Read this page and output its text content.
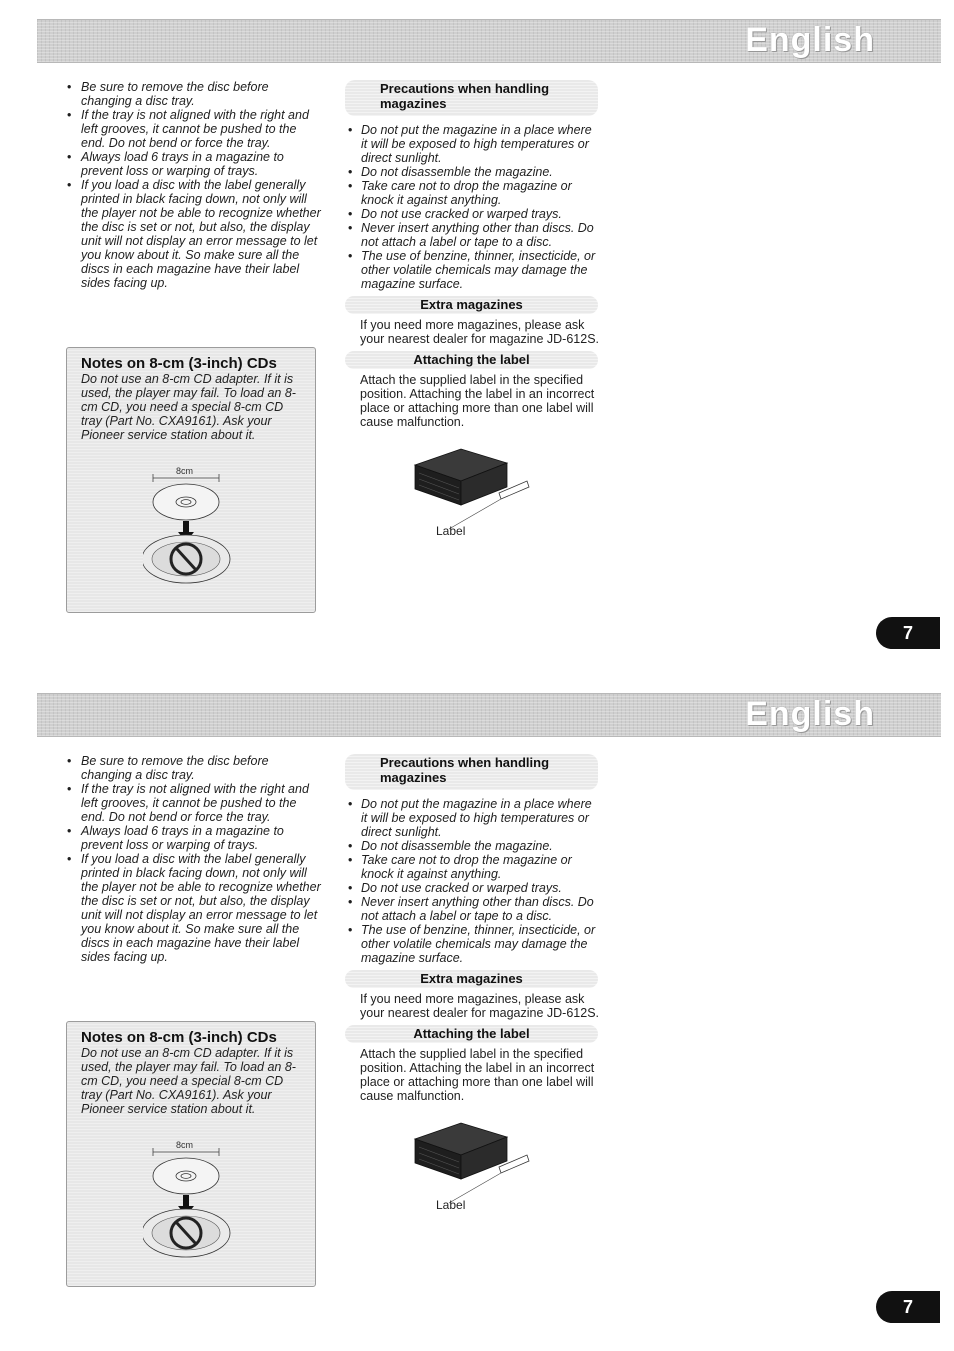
English
• Be sure to remove the disc before changing a disc tray.
• If the tray is not aligned with the right and left grooves, it cannot be pushed to the end. Do not bend or force the tray.
• Always load 6 trays in a magazine to prevent loss or warping of trays.
• If you load a disc with the label generally printed in black facing down, not only will the player not be able to recognize whether the disc is set or not, but also, the display unit will not display an error message to let you know about it. So make sure all the discs in each magazine have their label sides facing up.
Notes on 8-cm (3-inch) CDs
Do not use an 8-cm CD adapter. If it is used, the player may fail. To load an 8-cm CD, you need a special 8-cm CD tray (Part No. CXA9161). Ask your Pioneer service station about it.
8cm
Precautions when handling magazines
• Do not put the magazine in a place where it will be exposed to high temperatures or direct sunlight.
• Do not disassemble the magazine.
• Take care not to drop the magazine or knock it against anything.
• Do not use cracked or warped trays.
• Never insert anything other than discs. Do not attach a label or tape to a disc.
• The use of benzine, thinner, insecticide, or other volatile chemicals may damage the magazine surface.
Extra magazines
If you need more magazines, please ask your nearest dealer for magazine JD-612S.
Attaching the label
Attach the supplied label in the specified position. Attaching the label in an incorrect place or attaching more than one label will cause malfunction.
Label
7
English
• Be sure to remove the disc before changing a disc tray.
• If the tray is not aligned with the right and left grooves, it cannot be pushed to the end. Do not bend or force the tray.
• Always load 6 trays in a magazine to prevent loss or warping of trays.
• If you load a disc with the label generally printed in black facing down, not only will the player not be able to recognize whether the disc is set or not, but also, the display unit will not display an error message to let you know about it. So make sure all the discs in each magazine have their label sides facing up.
Notes on 8-cm (3-inch) CDs
Do not use an 8-cm CD adapter. If it is used, the player may fail. To load an 8-cm CD, you need a special 8-cm CD tray (Part No. CXA9161). Ask your Pioneer service station about it.
8cm
Precautions when handling magazines
• Do not put the magazine in a place where it will be exposed to high temperatures or direct sunlight.
• Do not disassemble the magazine.
• Take care not to drop the magazine or knock it against anything.
• Do not use cracked or warped trays.
• Never insert anything other than discs. Do not attach a label or tape to a disc.
• The use of benzine, thinner, insecticide, or other volatile chemicals may damage the magazine surface.
Extra magazines
If you need more magazines, please ask your nearest dealer for magazine JD-612S.
Attaching the label
Attach the supplied label in the specified position. Attaching the label in an incorrect place or attaching more than one label will cause malfunction.
Label
7
